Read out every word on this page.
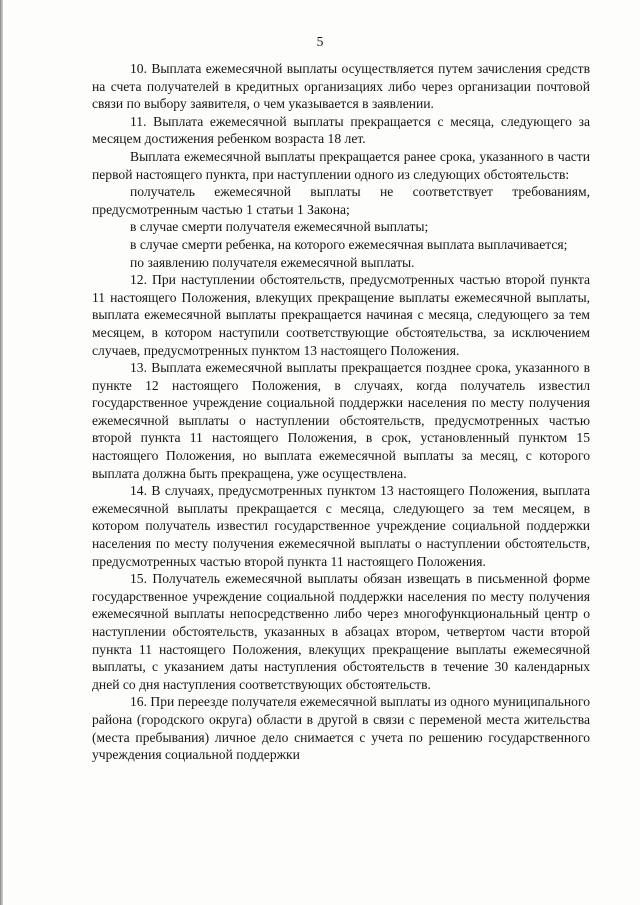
5

10. Выплата ежемесячной выплаты осуществляется путем зачисления средств на счета получателей в кредитных организациях либо через организации почтовой связи по выбору заявителя, о чем указывается в заявлении.

11. Выплата ежемесячной выплаты прекращается с месяца, следующего за месяцем достижения ребенком возраста 18 лет.

Выплата ежемесячной выплаты прекращается ранее срока, указанного в части первой настоящего пункта, при наступлении одного из следующих обстоятельств:

получатель ежемесячной выплаты не соответствует требованиям, предусмотренным частью 1 статьи 1 Закона;

в случае смерти получателя ежемесячной выплаты;

в случае смерти ребенка, на которого ежемесячная выплата выплачивается;

по заявлению получателя ежемесячной выплаты.

12. При наступлении обстоятельств, предусмотренных частью второй пункта 11 настоящего Положения, влекущих прекращение выплаты ежемесячной выплаты, выплата ежемесячной выплаты прекращается начиная с месяца, следующего за тем месяцем, в котором наступили соответствующие обстоятельства, за исключением случаев, предусмотренных пунктом 13 настоящего Положения.

13. Выплата ежемесячной выплаты прекращается позднее срока, указанного в пункте 12 настоящего Положения, в случаях, когда получатель известил государственное учреждение социальной поддержки населения по месту получения ежемесячной выплаты о наступлении обстоятельств, предусмотренных частью второй пункта 11 настоящего Положения, в срок, установленный пунктом 15 настоящего Положения, но выплата ежемесячной выплаты за месяц, с которого выплата должна быть прекращена, уже осуществлена.

14. В случаях, предусмотренных пунктом 13 настоящего Положения, выплата ежемесячной выплаты прекращается с месяца, следующего за тем месяцем, в котором получатель известил государственное учреждение социальной поддержки населения по месту получения ежемесячной выплаты о наступлении обстоятельств, предусмотренных частью второй пункта 11 настоящего Положения.

15. Получатель ежемесячной выплаты обязан извещать в письменной форме государственное учреждение социальной поддержки населения по месту получения ежемесячной выплаты непосредственно либо через многофункциональный центр о наступлении обстоятельств, указанных в абзацах втором, четвертом части второй пункта 11 настоящего Положения, влекущих прекращение выплаты ежемесячной выплаты, с указанием даты наступления обстоятельств в течение 30 календарных дней со дня наступления соответствующих обстоятельств.

16. При переезде получателя ежемесячной выплаты из одного муниципального района (городского округа) области в другой в связи с переменой места жительства (места пребывания) личное дело снимается с учета по решению государственного учреждения социальной поддержки
